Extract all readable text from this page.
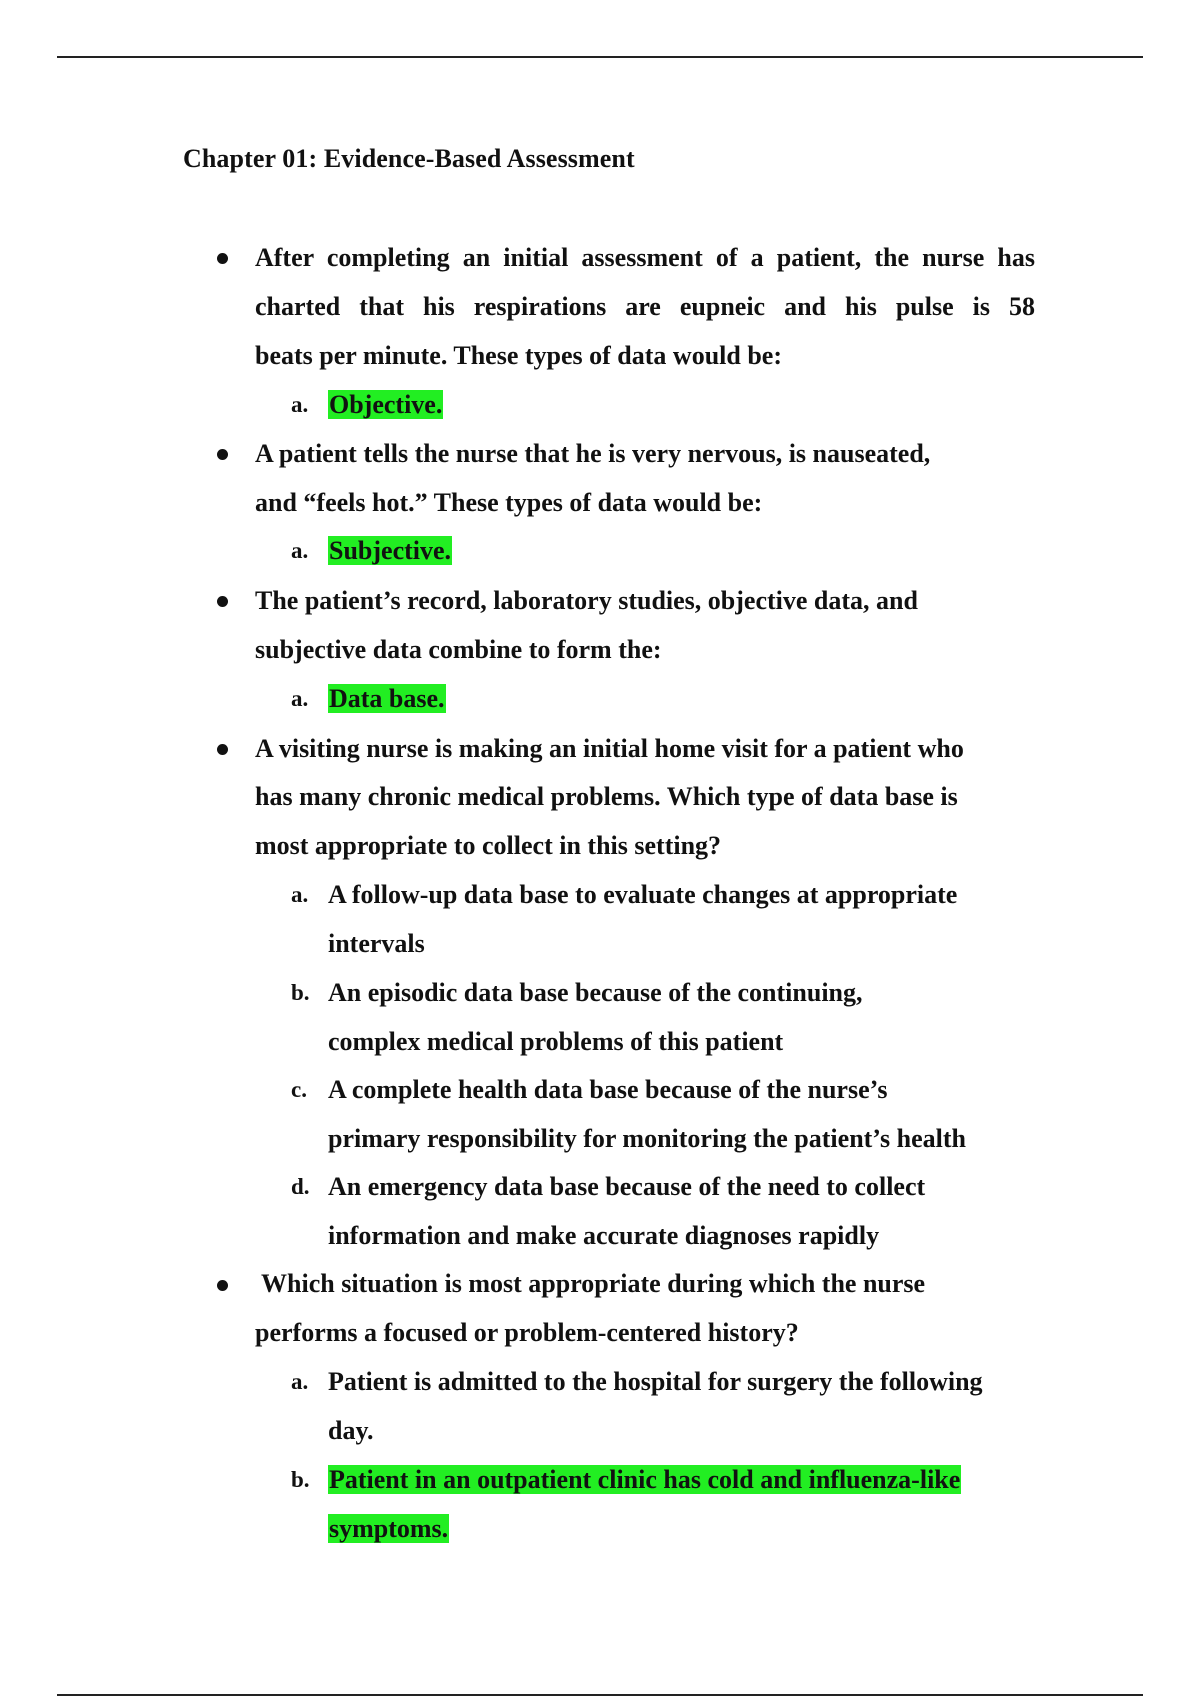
Chapter 01: Evidence-Based Assessment
After completing an initial assessment of a patient, the nurse has
charted that his respirations are eupneic and his pulse is 58
beats per minute. These types of data would be:
a. Objective.
A patient tells the nurse that he is very nervous, is nauseated,
and “feels hot.” These types of data would be:
a. Subjective.
The patient’s record, laboratory studies, objective data, and
subjective data combine to form the:
a. Data base.
A visiting nurse is making an initial home visit for a patient who
has many chronic medical problems. Which type of data base is
most appropriate to collect in this setting?
a. A follow-up data base to evaluate changes at appropriate
intervals
b. An episodic data base because of the continuing,
complex medical problems of this patient
c. A complete health data base because of the nurse’s
primary responsibility for monitoring the patient’s health
d. An emergency data base because of the need to collect
information and make accurate diagnoses rapidly
Which situation is most appropriate during which the nurse
performs a focused or problem-centered history?
a. Patient is admitted to the hospital for surgery the following
day.
b. Patient in an outpatient clinic has cold and influenza-like
symptoms.
